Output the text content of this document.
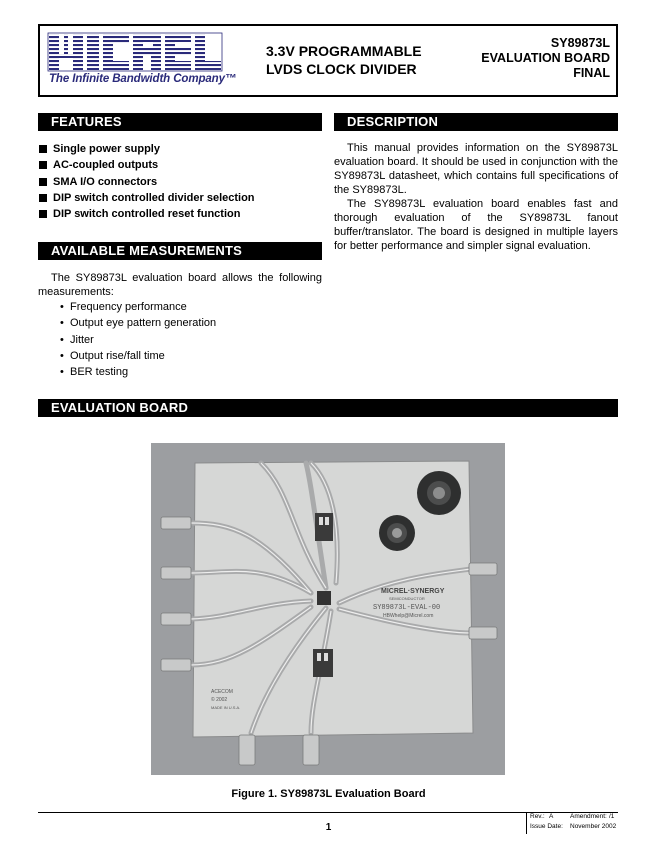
The Infinite Bandwidth Company™
3.3V PROGRAMMABLE
LVDS CLOCK DIVIDER
SY89873L
EVALUATION BOARD
FINAL
FEATURES
Single power supply
AC-coupled outputs
SMA I/O connectors
DIP switch controlled divider selection
DIP switch controlled reset function
AVAILABLE MEASUREMENTS

The SY89873L evaluation board allows the following measurements:

• Frequency performance
• Output eye pattern generation
• Jitter
• Output rise/fall time
• BER testing
DESCRIPTION

This manual provides information on the SY89873L evaluation board. It should be used in conjunction with the SY89873L datasheet, which contains full specifications of the SY89873L.

The SY89873L evaluation board enables fast and thorough evaluation of the SY89873L fanout buffer/translator. The board is designed in multiple layers for better performance and simpler signal evaluation.

EVALUATION BOARD
MICREL·SYNERGY
SEMICONDUCTOR
SY89873L-EVAL-00
HBWhelp@Micrel.com
ACECOM
© 2002
MADE IN U.S.A.
Figure 1. SY89873L Evaluation Board
1
Rev.: A	Amendment: /1
Issue Date: November 2002
